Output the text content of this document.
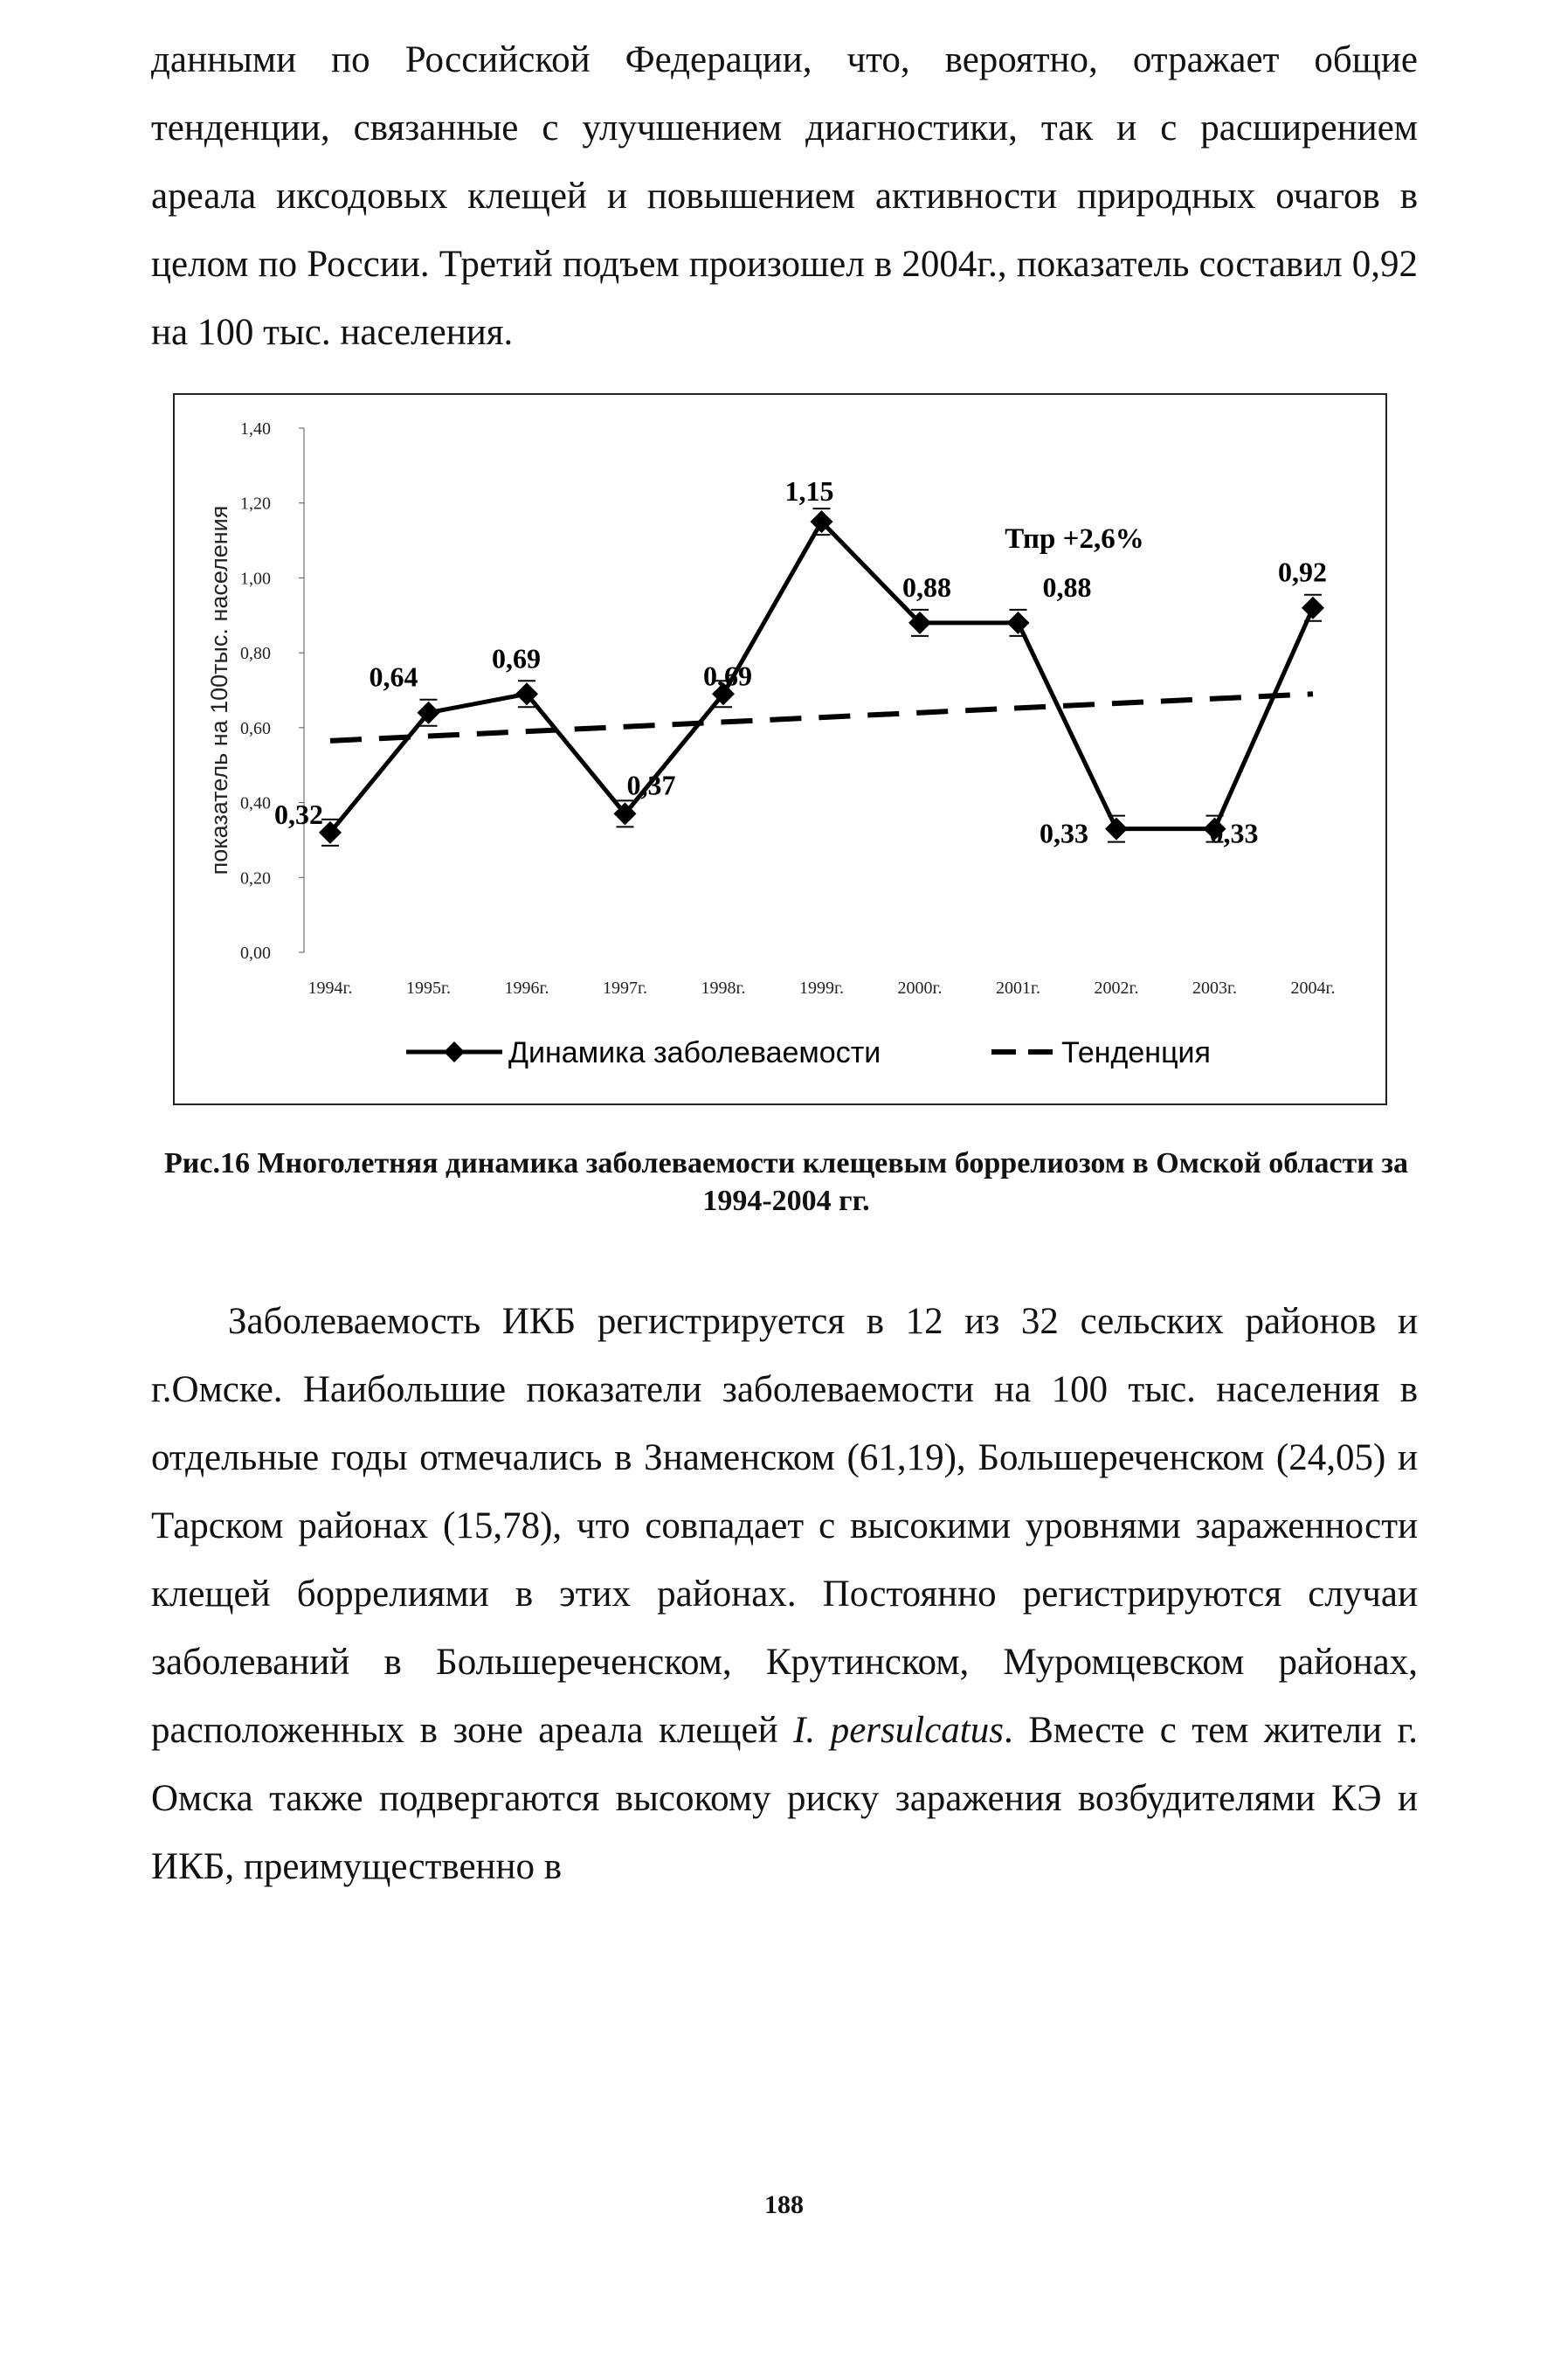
данными по Российской Федерации, что, вероятно, отражает общие тенденции, связанные с улучшением диагностики, так и с расширением ареала иксодовых клещей и повышением активности природных очагов в целом по России. Третий подъем произошел в 2004г., показатель составил 0,92 на 100 тыс. населения.
0,00
0,20
0,40
0,60
0,80
1,00
1,20
1,40
показатель на 100тыс. населения
1994г.	1995г.	1996г.	1997г.	1998г.	1999г.	2000г.	2001г.	2002г.	2003г.	2004г.
0,32
0,64
0,69
0,37
0,69
1,15
0,88	0,88
0,33	0,33
0,92
Тпр +2,6%
Динамика заболеваемости	Тенденция
Рис.16 Многолетняя динамика заболеваемости клещевым боррелиозом в Омской области за 1994-2004 гг.
Заболеваемость ИКБ регистрируется в 12 из 32 сельских районов и г.Омске. Наибольшие показатели заболеваемости на 100 тыс. населения в отдельные годы отмечались в Знаменском (61,19), Большереченском (24,05) и Тарском районах (15,78), что совпадает с высокими уровнями зараженности клещей боррелиями в этих районах. Постоянно регистрируются случаи заболеваний в Большереченском, Крутинском, Муромцевском районах, расположенных в зоне ареала клещей I. persulcatus. Вместе с тем жители г. Омска также подвергаются высокому риску заражения возбудителями КЭ и ИКБ, преимущественно в
188
